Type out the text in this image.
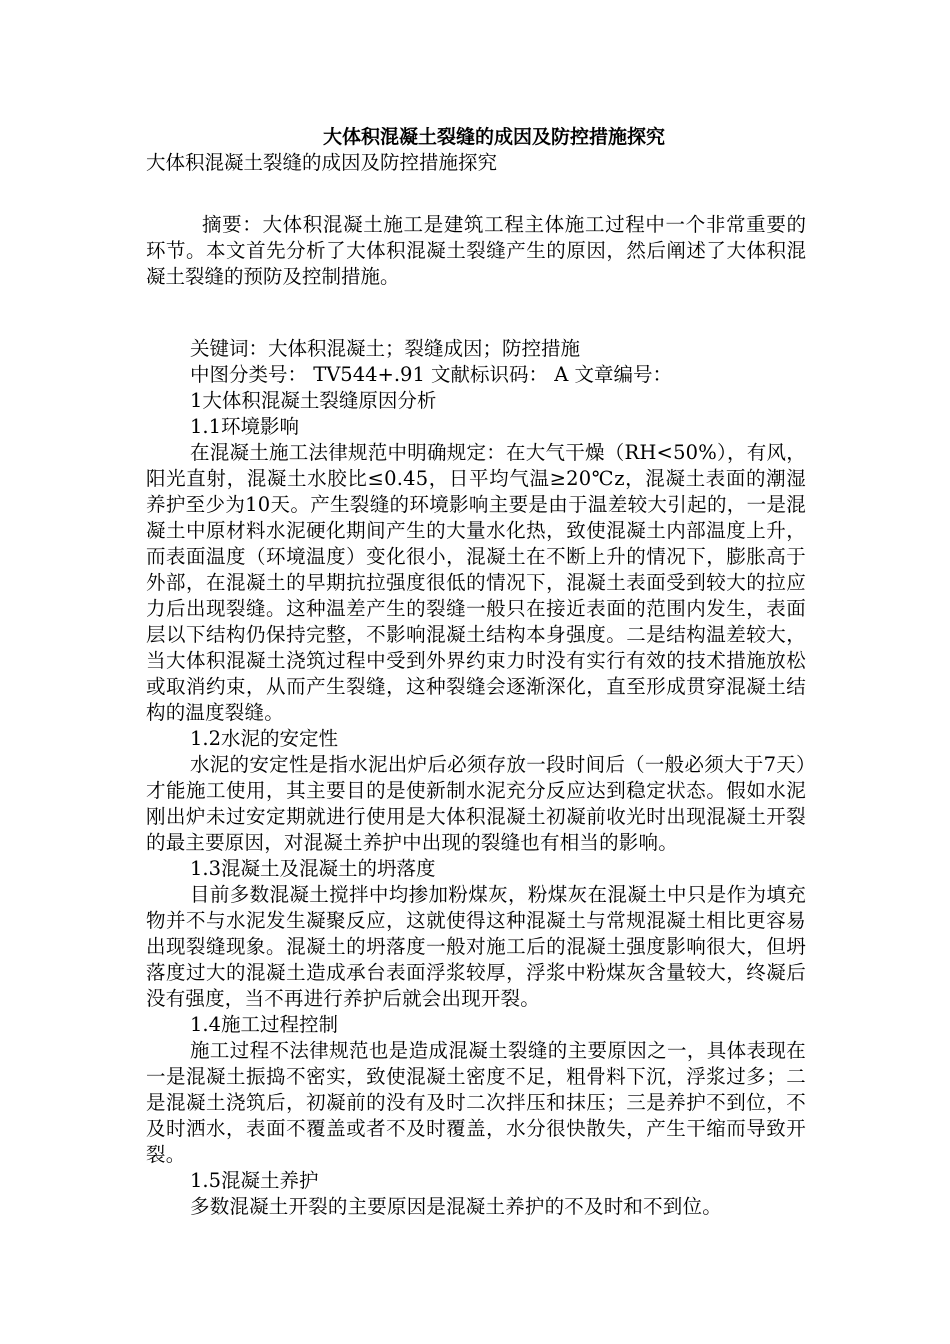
大体积混凝土裂缝的成因及防控措施探究

大体积混凝土裂缝的成因及防控措施探究

摘要：大体积混凝土施工是建筑工程主体施工过程中一个非常重要的环节。本文首先分析了大体积混凝土裂缝产生的原因，然后阐述了大体积混凝土裂缝的预防及控制措施。

关键词：大体积混凝土；裂缝成因；防控措施

中图分类号： TV544+.91 文献标识码： A 文章编号：

1大体积混凝土裂缝原因分析

1.1环境影响

在混凝土施工法律规范中明确规定：在大气干燥（RH<50%），有风，阳光直射，混凝土水胶比≤0.45，日平均气温≥20℃z，混凝土表面的潮湿养护至少为10天。产生裂缝的环境影响主要是由于温差较大引起的，一是混凝土中原材料水泥硬化期间产生的大量水化热，致使混凝土内部温度上升，而表面温度（环境温度）变化很小，混凝土在不断上升的情况下，膨胀高于外部，在混凝土的早期抗拉强度很低的情况下，混凝土表面受到较大的拉应力后出现裂缝。这种温差产生的裂缝一般只在接近表面的范围内发生，表面层以下结构仍保持完整，不影响混凝土结构本身强度。二是结构温差较大，当大体积混凝土浇筑过程中受到外界约束力时没有实行有效的技术措施放松或取消约束，从而产生裂缝，这种裂缝会逐渐深化，直至形成贯穿混凝土结构的温度裂缝。

1.2水泥的安定性

水泥的安定性是指水泥出炉后必须存放一段时间后（一般必须大于7天）才能施工使用，其主要目的是使新制水泥充分反应达到稳定状态。假如水泥刚出炉未过安定期就进行使用是大体积混凝土初凝前收光时出现混凝土开裂的最主要原因，对混凝土养护中出现的裂缝也有相当的影响。

1.3混凝土及混凝土的坍落度

目前多数混凝土搅拌中均掺加粉煤灰，粉煤灰在混凝土中只是作为填充物并不与水泥发生凝聚反应，这就使得这种混凝土与常规混凝土相比更容易出现裂缝现象。混凝土的坍落度一般对施工后的混凝土强度影响很大，但坍落度过大的混凝土造成承台表面浮浆较厚，浮浆中粉煤灰含量较大，终凝后没有强度，当不再进行养护后就会出现开裂。

1.4施工过程控制

施工过程不法律规范也是造成混凝土裂缝的主要原因之一，具体表现在一是混凝土振捣不密实，致使混凝土密度不足，粗骨料下沉，浮浆过多；二是混凝土浇筑后，初凝前的没有及时二次拌压和抹压；三是养护不到位，不及时洒水，表面不覆盖或者不及时覆盖，水分很快散失，产生干缩而导致开裂。

1.5混凝土养护

多数混凝土开裂的主要原因是混凝土养护的不及时和不到位。
